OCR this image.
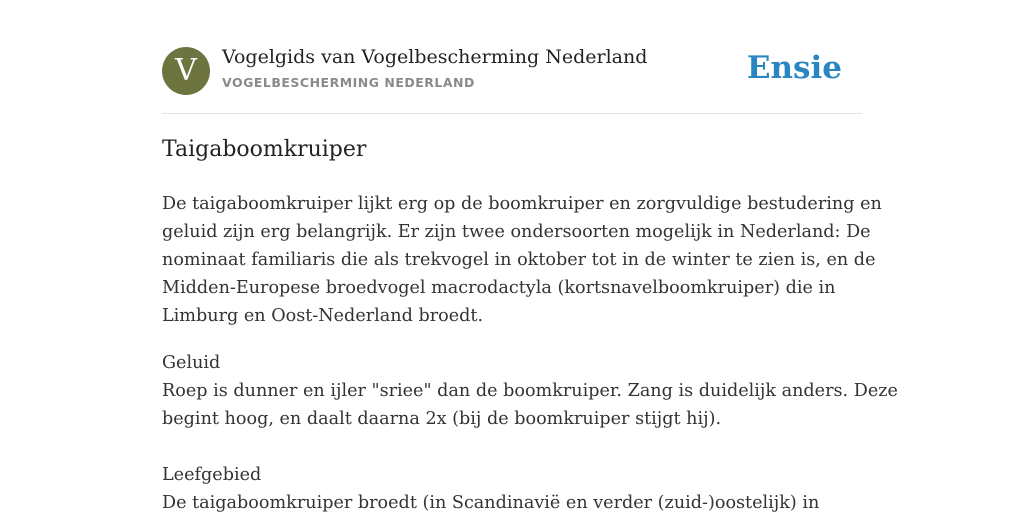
V	Vogelgids van Vogelbescherming Nederland
VOGELBESCHERMING NEDERLAND	Ensie
Taigaboomkruiper
De taigaboomkruiper lijkt erg op de boomkruiper en zorgvuldige bestudering en
geluid zijn erg belangrijk. Er zijn twee ondersoorten mogelijk in Nederland: De
nominaat familiaris die als trekvogel in oktober tot in de winter te zien is, en de
Midden-Europese broedvogel macrodactyla (kortsnavelboomkruiper) die in
Limburg en Oost-Nederland broedt.
Geluid
Roep is dunner en ijler "sriee" dan de boomkruiper. Zang is duidelijk anders. Deze
begint hoog, en daalt daarna 2x (bij de boomkruiper stijgt hij).
Leefgebied
De taigaboomkruiper broedt (in Scandinavië en verder (zuid-)oostelijk) in
